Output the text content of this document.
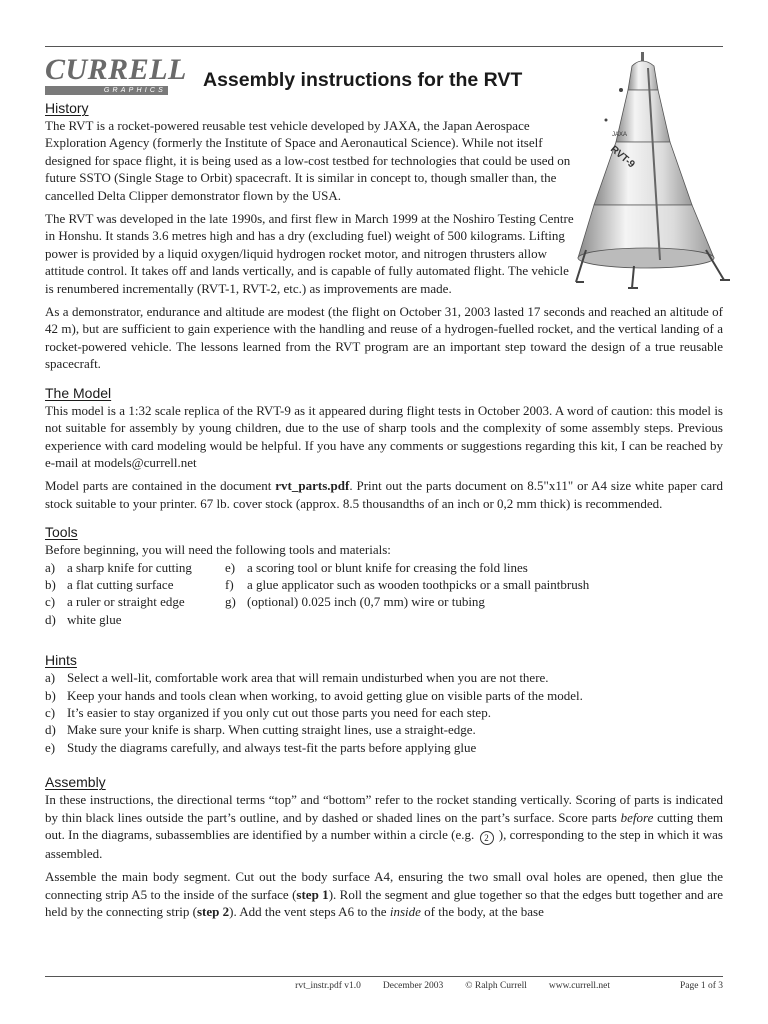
CURRELL
GRAPHICS Assembly instructions for the RVT
JAXA
RVT-9
History

The RVT is a rocket-powered reusable test vehicle developed by JAXA, the Japan Aerospace Exploration Agency (formerly the Institute of Space and Aeronautical Science). While not itself designed for space flight, it is being used as a low-cost testbed for technologies that could be used on future SSTO (Single Stage to Orbit) spacecraft. It is similar in concept to, though smaller than, the cancelled Delta Clipper demonstrator flown by the USA.

The RVT was developed in the late 1990s, and first flew in March 1999 at the Noshiro Testing Centre in Honshu. It stands 3.6 metres high and has a dry (excluding fuel) weight of 500 kilograms. Lifting power is provided by a liquid oxygen/liquid hydrogen rocket motor, and nitrogen thrusters allow attitude control. It takes off and lands vertically, and is capable of fully automated flight. The vehicle is renumbered incrementally (RVT-1, RVT-2, etc.) as improvements are made.

As a demonstrator, endurance and altitude are modest (the flight on October 31, 2003 lasted 17 seconds and reached an altitude of 42 m), but are sufficient to gain experience with the handling and reuse of a hydrogen-fuelled rocket, and the vertical landing of a rocket-powered vehicle. The lessons learned from the RVT program are an important step toward the design of a true reusable spacecraft.

The Model

This model is a 1:32 scale replica of the RVT-9 as it appeared during flight tests in October 2003. A word of caution: this model is not suitable for assembly by young children, due to the use of sharp tools and the complexity of some assembly steps. Previous experience with card modeling would be helpful. If you have any comments or suggestions regarding this kit, I can be reached by e-mail at models@currell.net

Model parts are contained in the document rvt_parts.pdf. Print out the parts document on 8.5"x11" or A4 size white paper card stock suitable to your printer. 67 lb. cover stock (approx. 8.5 thousandths of an inch or 0,2 mm thick) is recommended.

Tools

Before beginning, you will need the following tools and materials:

a) a sharp knife for cutting	e) a scoring tool or blunt knife for creasing the fold lines
b) a flat cutting surface	f)	a glue applicator such as wooden toothpicks or a small paintbrush
c) a ruler or straight edge	g) (optional) 0.025 inch (0,7 mm) wire or tubing
d) white glue
Hints
a) Select a well-lit, comfortable work area that will remain undisturbed when you are not there.
b) Keep your hands and tools clean when working, to avoid getting glue on visible parts of the model.
c) It’s easier to stay organized if you only cut out those parts you need for each step.
d) Make sure your knife is sharp. When cutting straight lines, use a straight-edge.
e) Study the diagrams carefully, and always test-fit the parts before applying glue
Assembly

In these instructions, the directional terms “top” and “bottom” refer to the rocket standing vertically. Scoring of parts is indicated by thin black lines outside the part’s outline, and by dashed or shaded lines on the part’s surface. Score parts before cutting them out. In the diagrams, subassemblies are identified by a number within a circle (e.g. 2 ), corresponding to the step in which it was assembled.

Assemble the main body segment. Cut out the body surface A4, ensuring the two small oval holes are opened, then glue the connecting strip A5 to the inside of the surface (step 1). Roll the segment and glue together so that the edges butt together and are held by the connecting strip (step 2). Add the vent steps A6 to the inside of the body, at the base

rvt_instr.pdf v1.0 December 2003 © Ralph Currell www.currell.net	Page 1 of 3
